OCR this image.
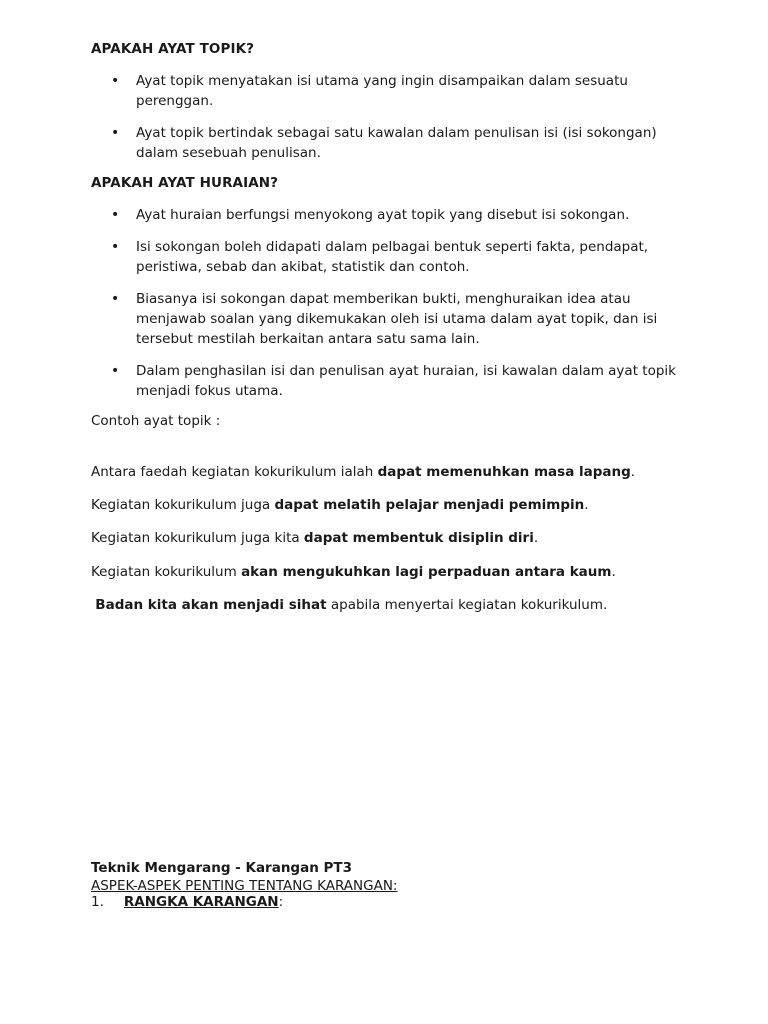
APAKAH AYAT TOPIK?
• Ayat topik menyatakan isi utama yang ingin disampaikan dalam sesuatu perenggan.
• Ayat topik bertindak sebagai satu kawalan dalam penulisan isi (isi sokongan) dalam sesebuah penulisan.
APAKAH AYAT HURAIAN?
• Ayat huraian berfungsi menyokong ayat topik yang disebut isi sokongan.
• Isi sokongan boleh didapati dalam pelbagai bentuk seperti fakta, pendapat, peristiwa, sebab dan akibat, statistik dan contoh.
• Biasanya isi sokongan dapat memberikan bukti, menghuraikan idea atau menjawab soalan yang dikemukakan oleh isi utama dalam ayat topik, dan isi tersebut mestilah berkaitan antara satu sama lain.
• Dalam penghasilan isi dan penulisan ayat huraian, isi kawalan dalam ayat topik menjadi fokus utama.

Contoh ayat topik :

Antara faedah kegiatan kokurikulum ialah dapat memenuhkan masa lapang.

Kegiatan kokurikulum juga dapat melatih pelajar menjadi pemimpin.

Kegiatan kokurikulum juga kita dapat membentuk disiplin diri.

Kegiatan kokurikulum akan mengukuhkan lagi perpaduan antara kaum.

Badan kita akan menjadi sihat apabila menyertai kegiatan kokurikulum.

Teknik Mengarang - Karangan PT3

ASPEK-ASPEK PENTING TENTANG KARANGAN:

1. RANGKA KARANGAN:
